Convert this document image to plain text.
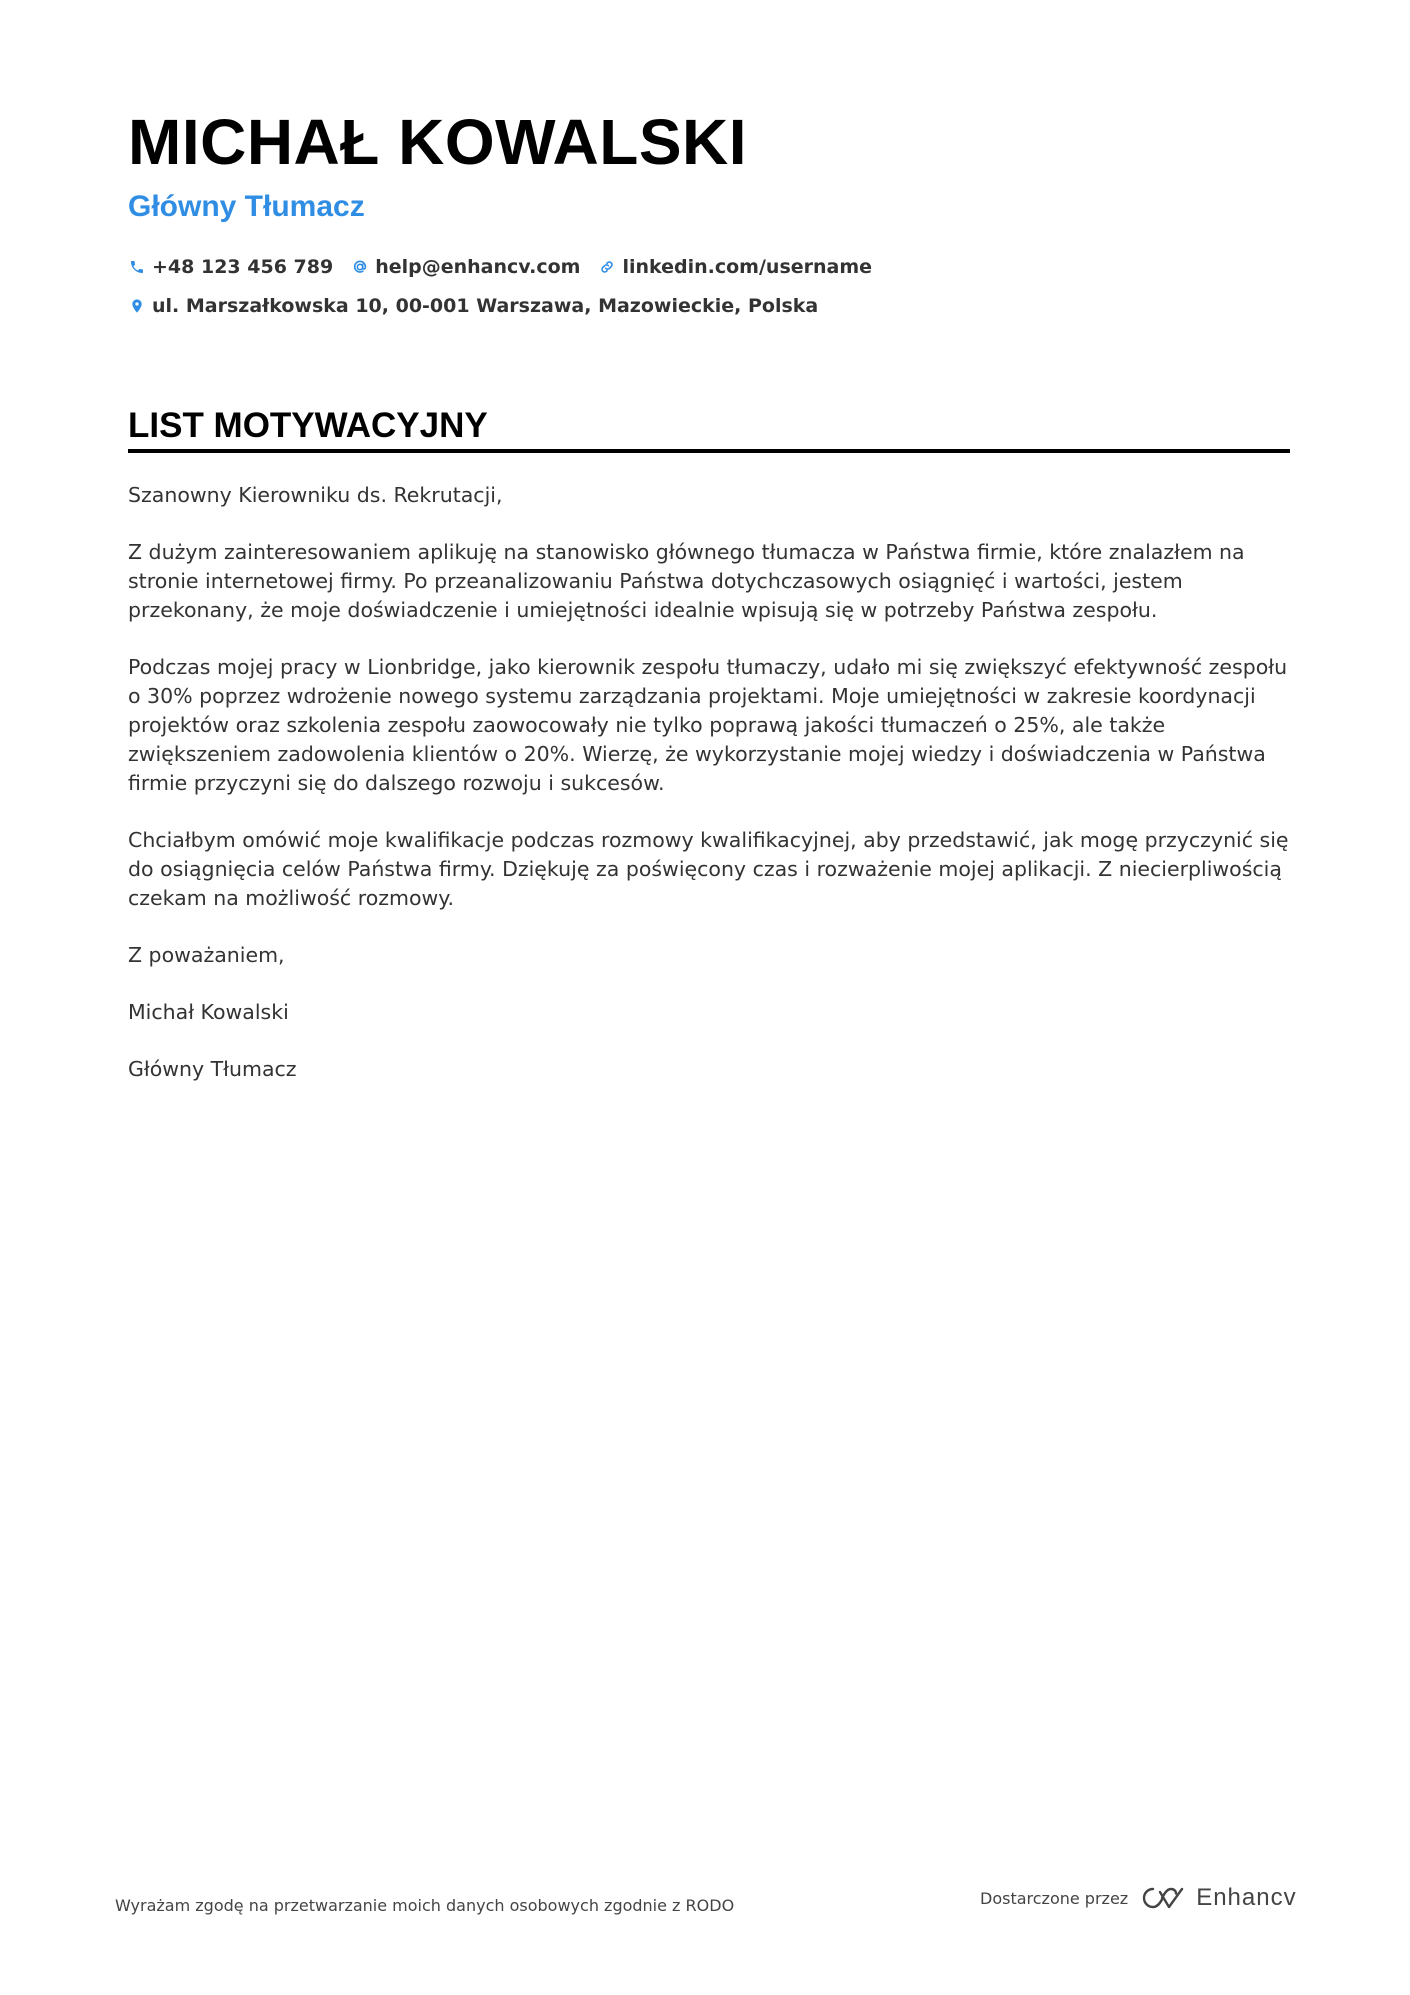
MICHAŁ KOWALSKI
Główny Tłumacz
+48 123 456 789 help@enhancv.com linkedin.com/username
ul. Marszałkowska 10, 00-001 Warszawa, Mazowieckie, Polska
LIST MOTYWACYJNY

Szanowny Kierowniku ds. Rekrutacji,

Z dużym zainteresowaniem aplikuję na stanowisko głównego tłumacza w Państwa firmie, które znalazłem na stronie internetowej firmy. Po przeanalizowaniu Państwa dotychczasowych osiągnięć i wartości, jestem przekonany, że moje doświadczenie i umiejętności idealnie wpisują się w potrzeby Państwa zespołu.

Podczas mojej pracy w Lionbridge, jako kierownik zespołu tłumaczy, udało mi się zwiększyć efektywność zespołu o 30% poprzez wdrożenie nowego systemu zarządzania projektami. Moje umiejętności w zakresie koordynacji projektów oraz szkolenia zespołu zaowocowały nie tylko poprawą jakości tłumaczeń o 25%, ale także zwiększeniem zadowolenia klientów o 20%. Wierzę, że wykorzystanie mojej wiedzy i doświadczenia w Państwa firmie przyczyni się do dalszego rozwoju i sukcesów.

Chciałbym omówić moje kwalifikacje podczas rozmowy kwalifikacyjnej, aby przedstawić, jak mogę przyczynić się do osiągnięcia celów Państwa firmy. Dziękuję za poświęcony czas i rozważenie mojej aplikacji. Z niecierpliwością czekam na możliwość rozmowy.

Z poważaniem,

Michał Kowalski

Główny Tłumacz

Wyrażam zgodę na przetwarzanie moich danych osobowych zgodnie z RODO	Dostarczone przez	Enhancv
